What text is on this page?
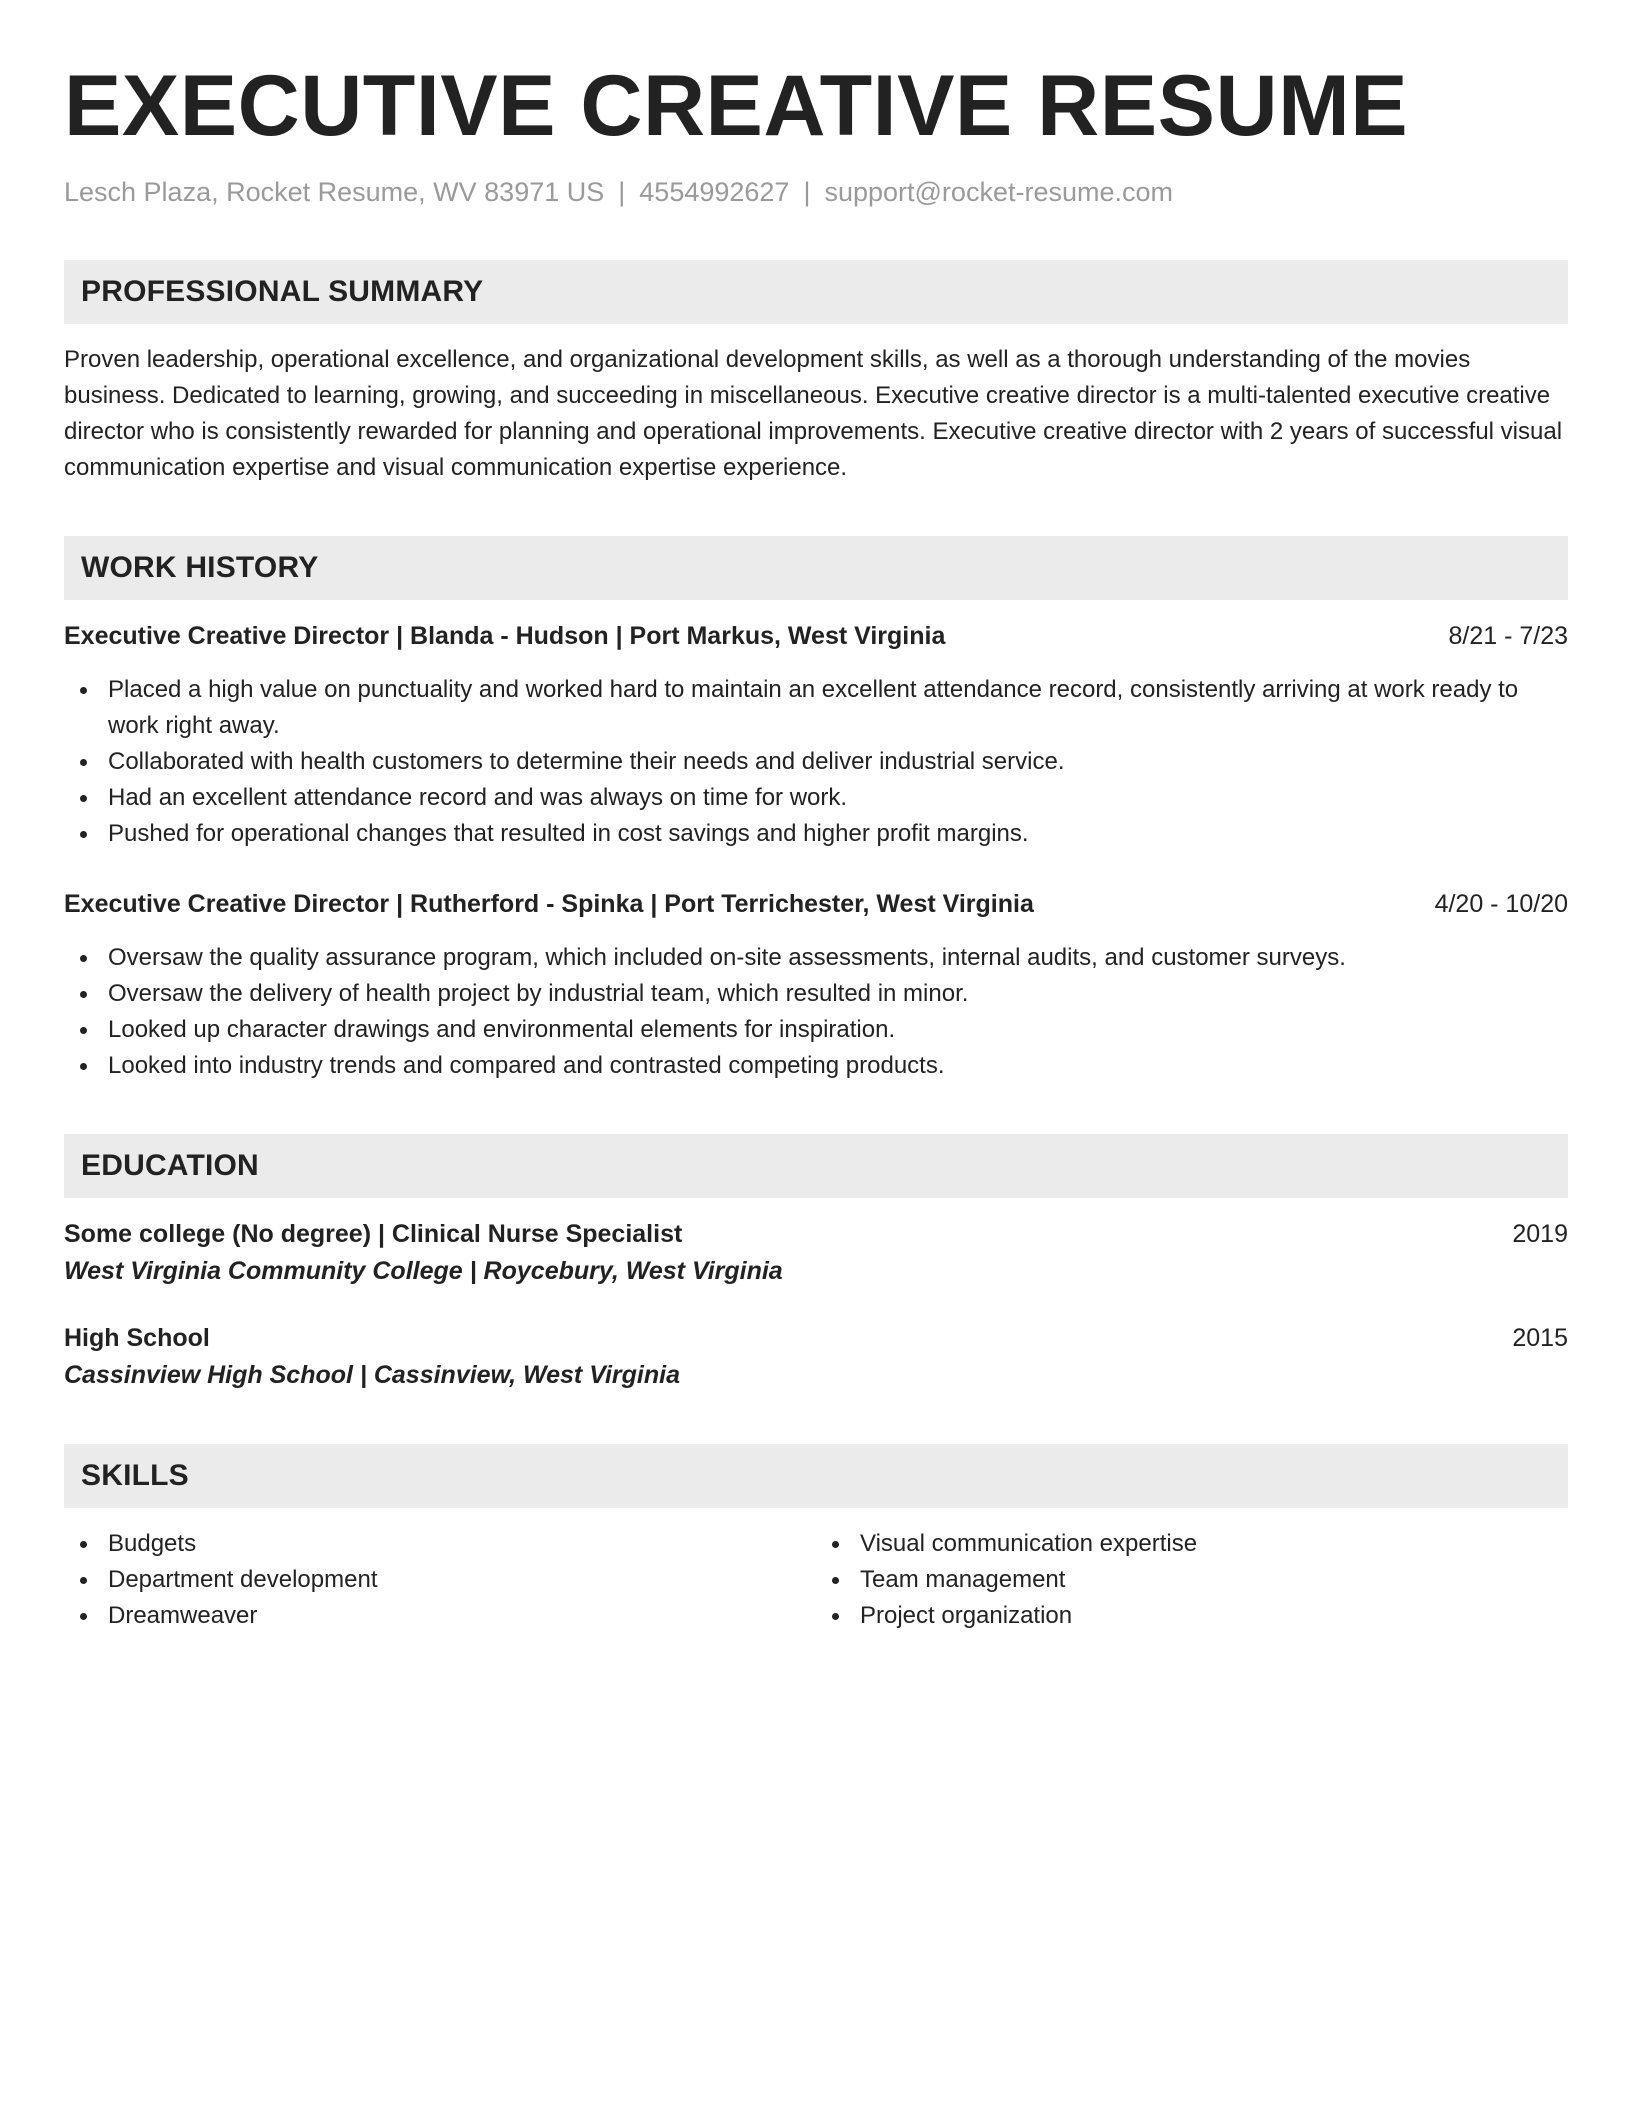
EXECUTIVE CREATIVE RESUME
Lesch Plaza, Rocket Resume, WV 83971 US | 4554992627 | support@rocket-resume.com
PROFESSIONAL SUMMARY

Proven leadership, operational excellence, and organizational development skills, as well as a thorough understanding of the movies business. Dedicated to learning, growing, and succeeding in miscellaneous. Executive creative director is a multi-talented executive creative director who is consistently rewarded for planning and operational improvements. Executive creative director with 2 years of successful visual communication expertise and visual communication expertise experience.

WORK HISTORY
Executive Creative Director | Blanda - Hudson | Port Markus, West Virginia	8/21 - 7/23
Placed a high value on punctuality and worked hard to maintain an excellent attendance record, consistently arriving at work ready to work right away.
Collaborated with health customers to determine their needs and deliver industrial service.
Had an excellent attendance record and was always on time for work.
Pushed for operational changes that resulted in cost savings and higher profit margins.
Executive Creative Director | Rutherford - Spinka | Port Terrichester, West Virginia	4/20 - 10/20
Oversaw the quality assurance program, which included on-site assessments, internal audits, and customer surveys.
Oversaw the delivery of health project by industrial team, which resulted in minor.
Looked up character drawings and environmental elements for inspiration.
Looked into industry trends and compared and contrasted competing products.
EDUCATION
Some college (No degree) | Clinical Nurse Specialist	2019
West Virginia Community College | Roycebury, West Virginia
High School	2015
Cassinview High School | Cassinview, West Virginia
SKILLS
Budgets
Department development
Dreamweaver
Visual communication expertise
Team management
Project organization
